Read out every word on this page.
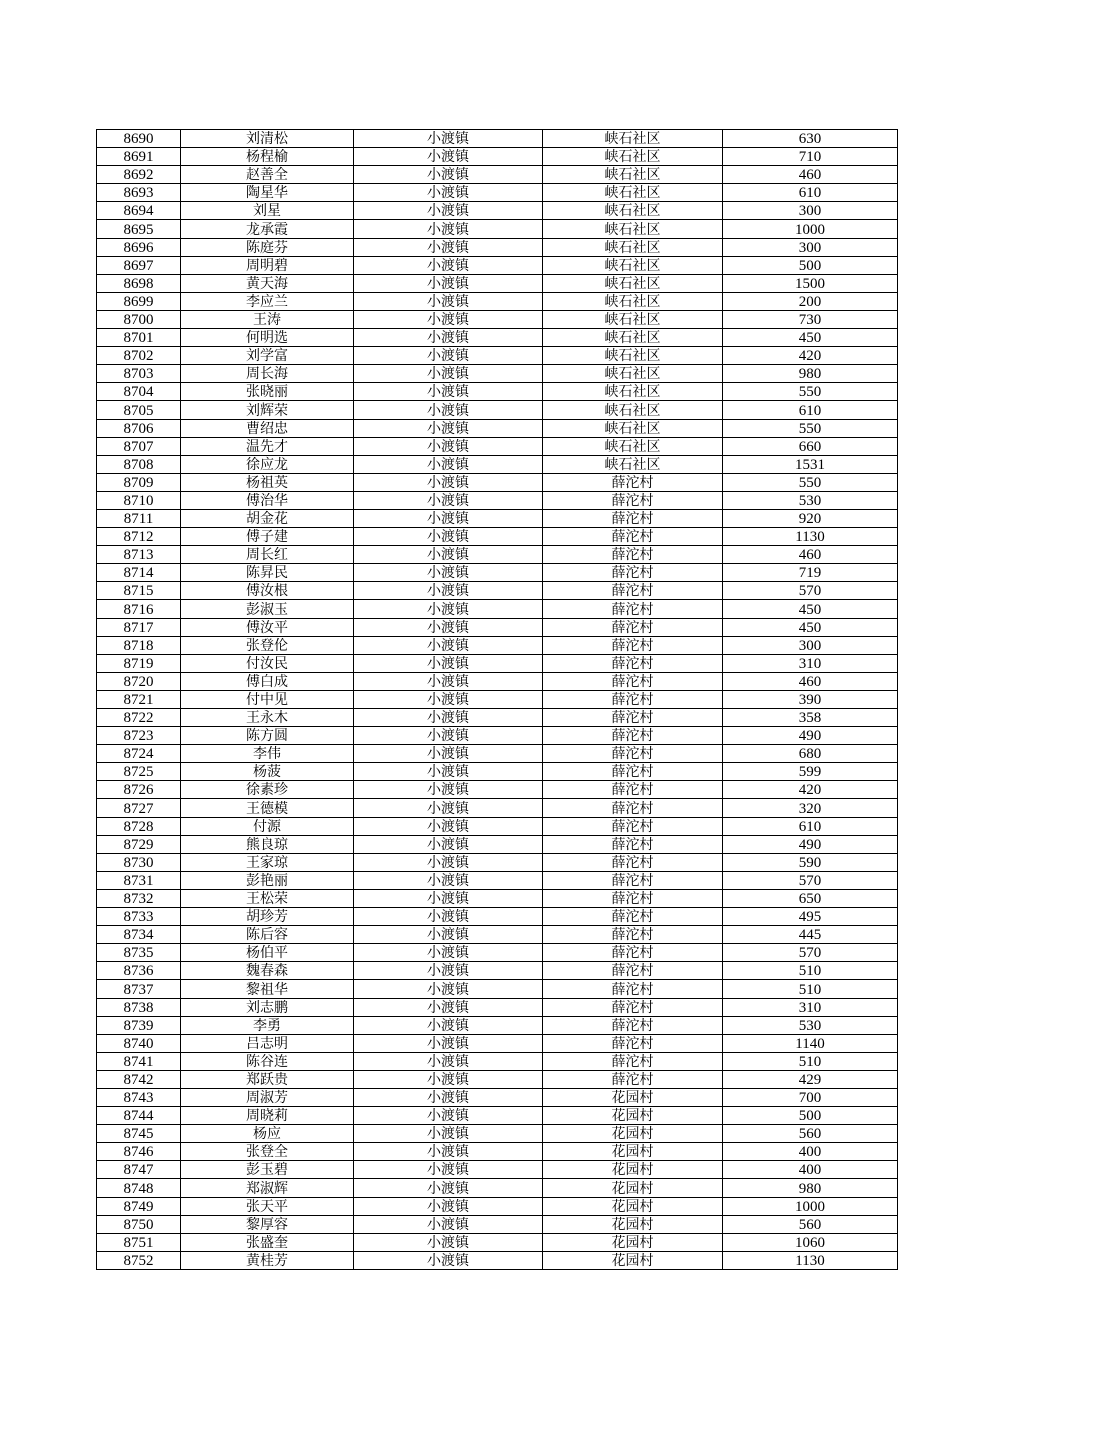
8690	刘清松	小渡镇	峡石社区	630
8691	杨程榆	小渡镇	峡石社区	710
8692	赵善全	小渡镇	峡石社区	460
8693	陶星华	小渡镇	峡石社区	610
8694	刘星	小渡镇	峡石社区	300
8695	龙承霞	小渡镇	峡石社区	1000
8696	陈庭芬	小渡镇	峡石社区	300
8697	周明碧	小渡镇	峡石社区	500
8698	黄天海	小渡镇	峡石社区	1500
8699	李应兰	小渡镇	峡石社区	200
8700	王涛	小渡镇	峡石社区	730
8701	何明选	小渡镇	峡石社区	450
8702	刘学富	小渡镇	峡石社区	420
8703	周长海	小渡镇	峡石社区	980
8704	张晓丽	小渡镇	峡石社区	550
8705	刘辉荣	小渡镇	峡石社区	610
8706	曹绍忠	小渡镇	峡石社区	550
8707	温先才	小渡镇	峡石社区	660
8708	徐应龙	小渡镇	峡石社区	1531
8709	杨祖英	小渡镇	薛沱村	550
8710	傅治华	小渡镇	薛沱村	530
8711	胡金花	小渡镇	薛沱村	920
8712	傅子建	小渡镇	薛沱村	1130
8713	周长红	小渡镇	薛沱村	460
8714	陈昇民	小渡镇	薛沱村	719
8715	傅汝根	小渡镇	薛沱村	570
8716	彭淑玉	小渡镇	薛沱村	450
8717	傅汝平	小渡镇	薛沱村	450
8718	张登伦	小渡镇	薛沱村	300
8719	付汝民	小渡镇	薛沱村	310
8720	傅白成	小渡镇	薛沱村	460
8721	付中见	小渡镇	薛沱村	390
8722	王永木	小渡镇	薛沱村	358
8723	陈方圆	小渡镇	薛沱村	490
8724	李伟	小渡镇	薛沱村	680
8725	杨菠	小渡镇	薛沱村	599
8726	徐素珍	小渡镇	薛沱村	420
8727	王德模	小渡镇	薛沱村	320
8728	付源	小渡镇	薛沱村	610
8729	熊良琼	小渡镇	薛沱村	490
8730	王家琼	小渡镇	薛沱村	590
8731	彭艳丽	小渡镇	薛沱村	570
8732	王松荣	小渡镇	薛沱村	650
8733	胡珍芳	小渡镇	薛沱村	495
8734	陈后容	小渡镇	薛沱村	445
8735	杨伯平	小渡镇	薛沱村	570
8736	魏春森	小渡镇	薛沱村	510
8737	黎祖华	小渡镇	薛沱村	510
8738	刘志鹏	小渡镇	薛沱村	310
8739	李勇	小渡镇	薛沱村	530
8740	吕志明	小渡镇	薛沱村	1140
8741	陈谷连	小渡镇	薛沱村	510
8742	郑跃贵	小渡镇	薛沱村	429
8743	周淑芳	小渡镇	花园村	700
8744	周晓莉	小渡镇	花园村	500
8745	杨应	小渡镇	花园村	560
8746	张登全	小渡镇	花园村	400
8747	彭玉碧	小渡镇	花园村	400
8748	郑淑辉	小渡镇	花园村	980
8749	张天平	小渡镇	花园村	1000
8750	黎厚容	小渡镇	花园村	560
8751	张盛奎	小渡镇	花园村	1060
8752	黄桂芳	小渡镇	花园村	1130
